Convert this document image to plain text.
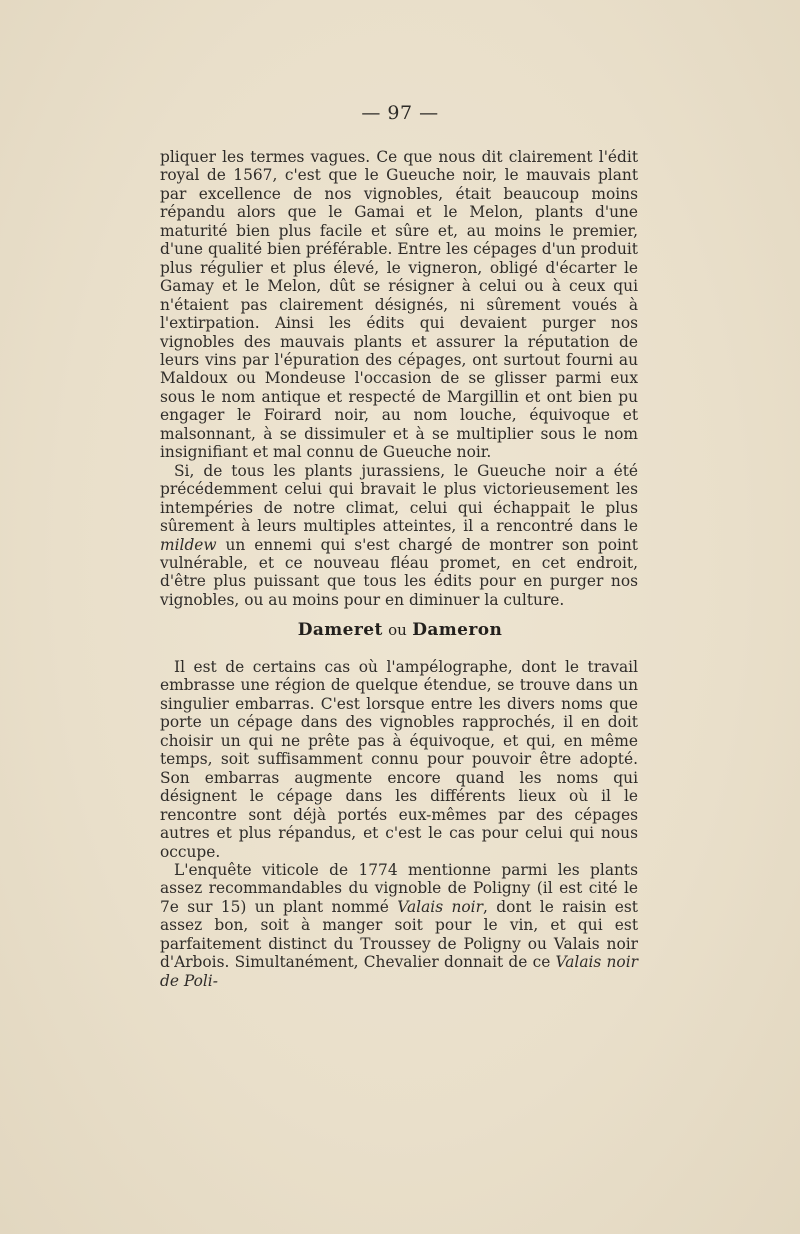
— 97 —

pliquer les termes vagues. Ce que nous dit clairement l'édit royal de 1567, c'est que le Gueuche noir, le mauvais plant par excellence de nos vignobles, était beaucoup moins répandu alors que le Gamai et le Melon, plants d'une maturité bien plus facile et sûre et, au moins le premier, d'une qualité bien préférable. Entre les cépages d'un produit plus régulier et plus élevé, le vigneron, obligé d'écarter le Gamay et le Melon, dût se résigner à celui ou à ceux qui n'étaient pas clairement désignés, ni sûrement voués à l'extirpation. Ainsi les édits qui devaient purger nos vignobles des mauvais plants et assurer la réputation de leurs vins par l'épuration des cépages, ont surtout fourni au Maldoux ou Mondeuse l'occasion de se glisser parmi eux sous le nom antique et respecté de Margillin et ont bien pu engager le Foirard noir, au nom louche, équivoque et malsonnant, à se dissimuler et à se multiplier sous le nom insignifiant et mal connu de Gueuche noir.

Si, de tous les plants jurassiens, le Gueuche noir a été précédemment celui qui bravait le plus victorieusement les intempéries de notre climat, celui qui échappait le plus sûrement à leurs multiples atteintes, il a rencontré dans le mildew un ennemi qui s'est chargé de montrer son point vulnérable, et ce nouveau fléau promet, en cet endroit, d'être plus puissant que tous les édits pour en purger nos vignobles, ou au moins pour en diminuer la culture.

Dameret ou Dameron

Il est de certains cas où l'ampélographe, dont le travail embrasse une région de quelque étendue, se trouve dans un singulier embarras. C'est lorsque entre les divers noms que porte un cépage dans des vignobles rapprochés, il en doit choisir un qui ne prête pas à équivoque, et qui, en même temps, soit suffisamment connu pour pouvoir être adopté. Son embarras augmente encore quand les noms qui désignent le cépage dans les différents lieux où il le rencontre sont déjà portés eux-mêmes par des cépages autres et plus répandus, et c'est le cas pour celui qui nous occupe.

L'enquête viticole de 1774 mentionne parmi les plants assez recommandables du vignoble de Poligny (il est cité le 7e sur 15) un plant nommé Valais noir, dont le raisin est assez bon, soit à manger soit pour le vin, et qui est parfaitement distinct du Troussey de Poligny ou Valais noir d'Arbois. Simultanément, Chevalier donnait de ce Valais noir de Poli-
